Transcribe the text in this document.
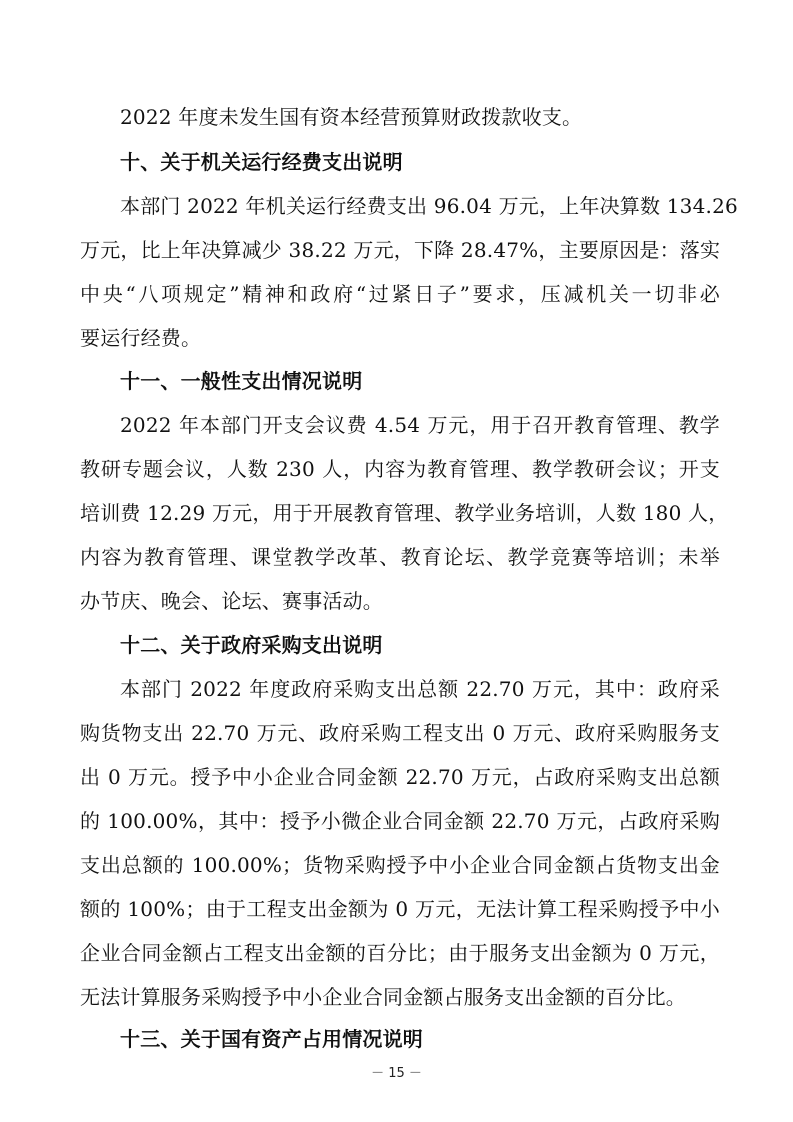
2022 年度未发生国有资本经营预算财政拨款收支。
十、关于机关运行经费支出说明
本部门 2022 年机关运行经费支出 96.04 万元，上年决算数 134.26
万元，比上年决算减少 38.22 万元，下降 28.47%，主要原因是：落实
中央“八项规定”精神和政府“过紧日子”要求，压减机关一切非必
要运行经费。
十一、一般性支出情况说明
2022 年本部门开支会议费 4.54 万元，用于召开教育管理、教学
教研专题会议，人数 230 人，内容为教育管理、教学教研会议；开支
培训费 12.29 万元，用于开展教育管理、教学业务培训，人数 180 人，
内容为教育管理、课堂教学改革、教育论坛、教学竞赛等培训；未举
办节庆、晚会、论坛、赛事活动。
十二、关于政府采购支出说明
本部门 2022 年度政府采购支出总额 22.70 万元，其中：政府采
购货物支出 22.70 万元、政府采购工程支出 0 万元、政府采购服务支
出 0 万元。授予中小企业合同金额 22.70 万元，占政府采购支出总额
的 100.00%，其中：授予小微企业合同金额 22.70 万元，占政府采购
支出总额的 100.00%；货物采购授予中小企业合同金额占货物支出金
额的 100%；由于工程支出金额为 0 万元，无法计算工程采购授予中小
企业合同金额占工程支出金额的百分比；由于服务支出金额为 0 万元，
无法计算服务采购授予中小企业合同金额占服务支出金额的百分比。
十三、关于国有资产占用情况说明
－ 15 －
